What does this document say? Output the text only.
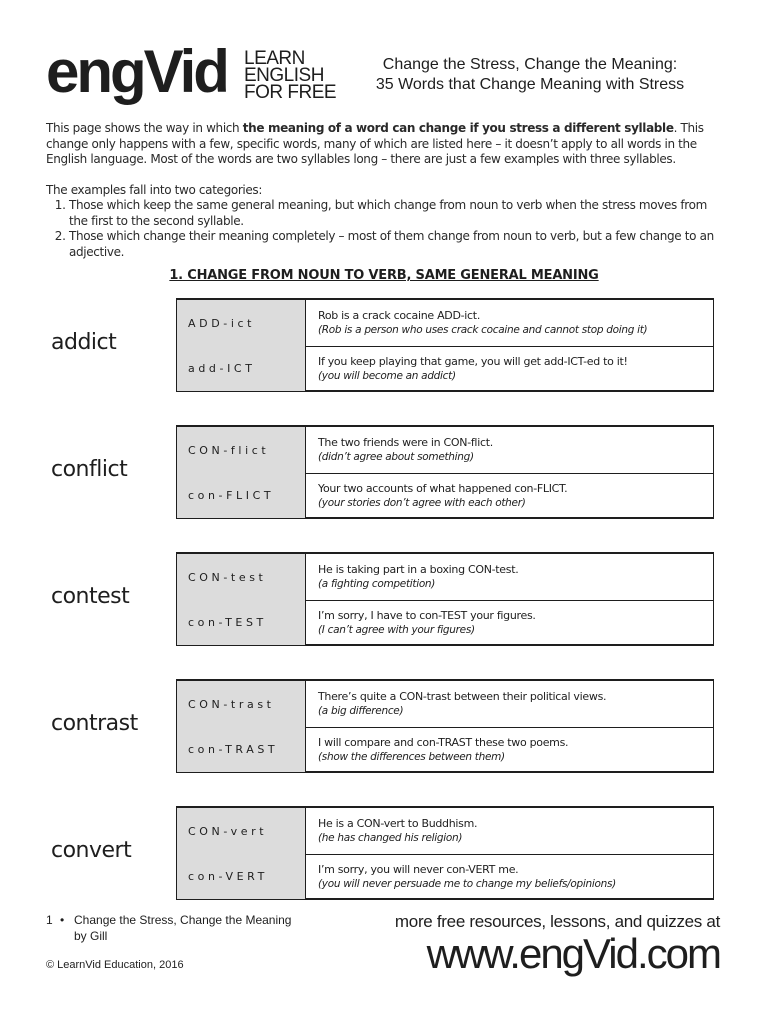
engVid LEARN
ENGLISH
FOR FREE
Change the Stress, Change the Meaning:
35 Words that Change Meaning with Stress

This page shows the way in which the meaning of a word can change if you stress a different syllable. This change only happens with a few, specific words, many of which are listed here – it doesn’t apply to all words in the English language. Most of the words are two syllables long – there are just a few examples with three syllables.

The examples fall into two categories:

1. Those which keep the same general meaning, but which change from noun to verb when the stress moves from the first to the second syllable.
2. Those which change their meaning completely – most of them change from noun to verb, but a few change to an adjective.
1. CHANGE FROM NOUN TO VERB, SAME GENERAL MEANING
addict
ADD-ict
Rob is a crack cocaine ADD-ict.
(Rob is a person who uses crack cocaine and cannot stop doing it)
add-ICT
If you keep playing that game, you will get add-ICT-ed to it!
(you will become an addict)
conflict
CON-flict
The two friends were in CON-flict.
(didn’t agree about something)
con-FLICT
Your two accounts of what happened con-FLICT.
(your stories don’t agree with each other)
contest
CON-test
He is taking part in a boxing CON-test.
(a fighting competition)
con-TEST
I’m sorry, I have to con-TEST your figures.
(I can’t agree with your figures)
contrast
CON-trast
There’s quite a CON-trast between their political views.
(a big difference)
con-TRAST
I will compare and con-TRAST these two poems.
(show the differences between them)
convert
CON-vert
He is a CON-vert to Buddhism.
(he has changed his religion)
con-VERT
I’m sorry, you will never con-VERT me.
(you will never persuade me to change my beliefs/opinions)
1 • Change the Stress, Change the Meaning
by Gill
© LearnVid Education, 2016
more free resources, lessons, and quizzes at
www.engVid.com
